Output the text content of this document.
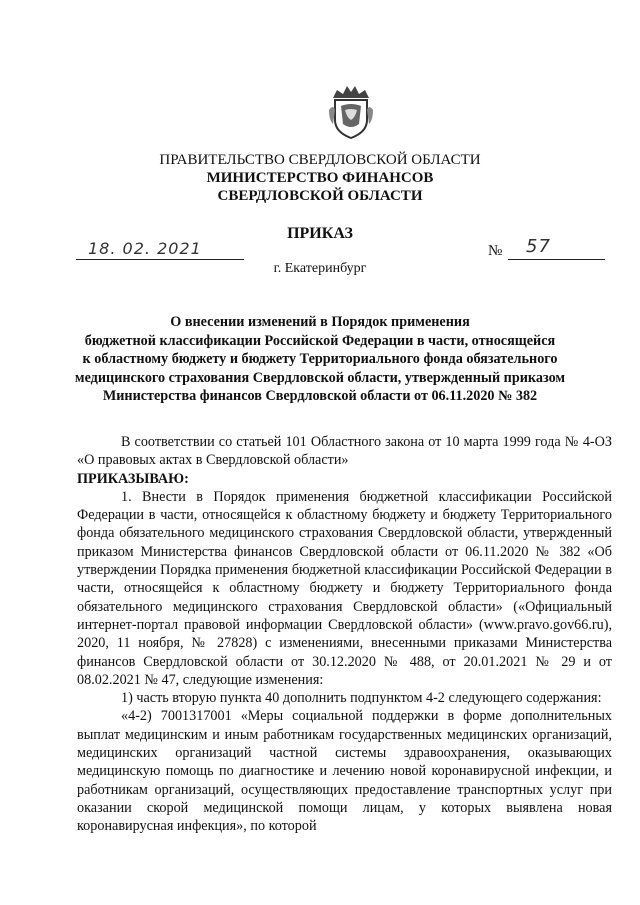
ПРАВИТЕЛЬСТВО СВЕРДЛОВСКОЙ ОБЛАСТИ
МИНИСТЕРСТВО ФИНАНСОВ
СВЕРДЛОВСКОЙ ОБЛАСТИ
ПРИКАЗ
18. 02. 2021	№ 57
г. Екатеринбург
О внесении изменений в Порядок применения
бюджетной классификации Российской Федерации в части, относящейся
к областному бюджету и бюджету Территориального фонда обязательного
медицинского страхования Свердловской области, утвержденный приказом
Министерства финансов Свердловской области от 06.11.2020 № 382

В соответствии со статьей 101 Областного закона от 10 марта 1999 года № 4-ОЗ «О правовых актах в Свердловской области»

ПРИКАЗЫВАЮ:

1. Внести в Порядок применения бюджетной классификации Российской Федерации в части, относящейся к областному бюджету и бюджету Территориального фонда обязательного медицинского страхования Свердловской области, утвержденный приказом Министерства финансов Свердловской области от 06.11.2020 № 382 «Об утверждении Порядка применения бюджетной классификации Российской Федерации в части, относящейся к областному бюджету и бюджету Территориального фонда обязательного медицинского страхования Свердловской области» («Официальный интернет-портал правовой информации Свердловской области» (www.pravo.gov66.ru), 2020, 11 ноября, № 27828) с изменениями, внесенными приказами Министерства финансов Свердловской области от 30.12.2020 № 488, от 20.01.2021 № 29 и от 08.02.2021 № 47, следующие изменения:

1) часть вторую пункта 40 дополнить подпунктом 4-2 следующего содержания:

«4-2) 7001317001 «Меры социальной поддержки в форме дополнительных выплат медицинским и иным работникам государственных медицинских организаций, медицинских организаций частной системы здравоохранения, оказывающих медицинскую помощь по диагностике и лечению новой коронавирусной инфекции, и работникам организаций, осуществляющих предоставление транспортных услуг при оказании скорой медицинской помощи лицам, у которых выявлена новая коронавирусная инфекция», по которой
